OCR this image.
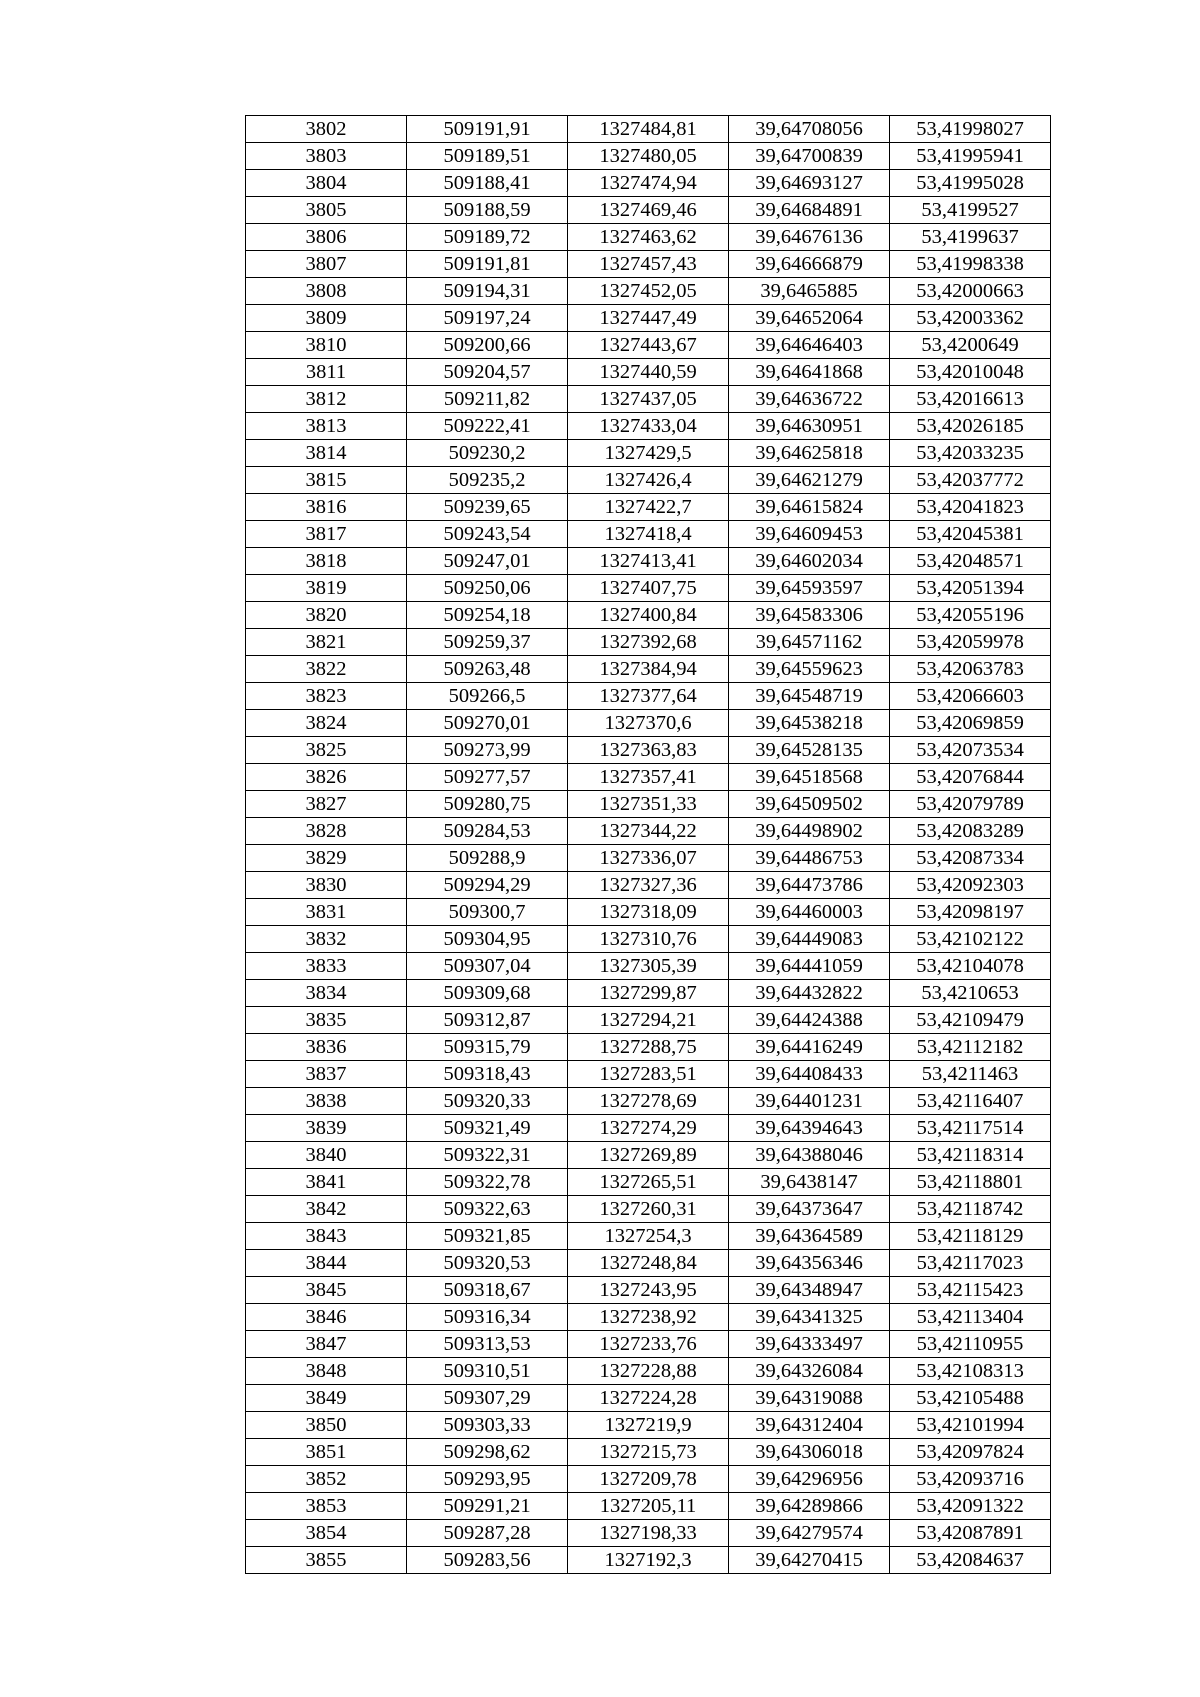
3802	509191,91	1327484,81	39,64708056	53,41998027
3803	509189,51	1327480,05	39,64700839	53,41995941
3804	509188,41	1327474,94	39,64693127	53,41995028
3805	509188,59	1327469,46	39,64684891	53,4199527
3806	509189,72	1327463,62	39,64676136	53,4199637
3807	509191,81	1327457,43	39,64666879	53,41998338
3808	509194,31	1327452,05	39,6465885	53,42000663
3809	509197,24	1327447,49	39,64652064	53,42003362
3810	509200,66	1327443,67	39,64646403	53,4200649
3811	509204,57	1327440,59	39,64641868	53,42010048
3812	509211,82	1327437,05	39,64636722	53,42016613
3813	509222,41	1327433,04	39,64630951	53,42026185
3814	509230,2	1327429,5	39,64625818	53,42033235
3815	509235,2	1327426,4	39,64621279	53,42037772
3816	509239,65	1327422,7	39,64615824	53,42041823
3817	509243,54	1327418,4	39,64609453	53,42045381
3818	509247,01	1327413,41	39,64602034	53,42048571
3819	509250,06	1327407,75	39,64593597	53,42051394
3820	509254,18	1327400,84	39,64583306	53,42055196
3821	509259,37	1327392,68	39,64571162	53,42059978
3822	509263,48	1327384,94	39,64559623	53,42063783
3823	509266,5	1327377,64	39,64548719	53,42066603
3824	509270,01	1327370,6	39,64538218	53,42069859
3825	509273,99	1327363,83	39,64528135	53,42073534
3826	509277,57	1327357,41	39,64518568	53,42076844
3827	509280,75	1327351,33	39,64509502	53,42079789
3828	509284,53	1327344,22	39,64498902	53,42083289
3829	509288,9	1327336,07	39,64486753	53,42087334
3830	509294,29	1327327,36	39,64473786	53,42092303
3831	509300,7	1327318,09	39,64460003	53,42098197
3832	509304,95	1327310,76	39,64449083	53,42102122
3833	509307,04	1327305,39	39,64441059	53,42104078
3834	509309,68	1327299,87	39,64432822	53,4210653
3835	509312,87	1327294,21	39,64424388	53,42109479
3836	509315,79	1327288,75	39,64416249	53,42112182
3837	509318,43	1327283,51	39,64408433	53,4211463
3838	509320,33	1327278,69	39,64401231	53,42116407
3839	509321,49	1327274,29	39,64394643	53,42117514
3840	509322,31	1327269,89	39,64388046	53,42118314
3841	509322,78	1327265,51	39,6438147	53,42118801
3842	509322,63	1327260,31	39,64373647	53,42118742
3843	509321,85	1327254,3	39,64364589	53,42118129
3844	509320,53	1327248,84	39,64356346	53,42117023
3845	509318,67	1327243,95	39,64348947	53,42115423
3846	509316,34	1327238,92	39,64341325	53,42113404
3847	509313,53	1327233,76	39,64333497	53,42110955
3848	509310,51	1327228,88	39,64326084	53,42108313
3849	509307,29	1327224,28	39,64319088	53,42105488
3850	509303,33	1327219,9	39,64312404	53,42101994
3851	509298,62	1327215,73	39,64306018	53,42097824
3852	509293,95	1327209,78	39,64296956	53,42093716
3853	509291,21	1327205,11	39,64289866	53,42091322
3854	509287,28	1327198,33	39,64279574	53,42087891
3855	509283,56	1327192,3	39,64270415	53,42084637
